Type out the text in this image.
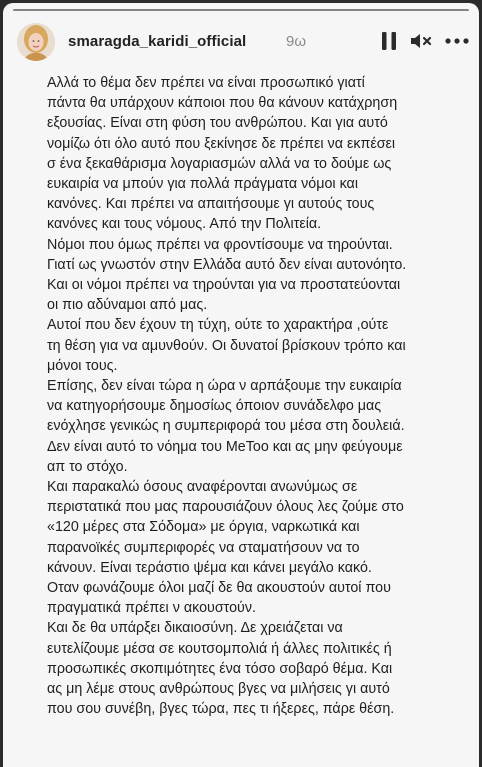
smaragda_karidi_official	9ω

Αλλά το θέμα δεν πρέπει να είναι προσωπικό γιατί
πάντα θα υπάρχουν κάποιοι που θα κάνουν κατάχρηση
εξουσίας. Είναι στη φύση του ανθρώπου. Και για αυτό
νομίζω ότι όλο αυτό που ξεκίνησε δε πρέπει να εκπέσει
σ ένα ξεκαθάρισμα λογαριασμών αλλά να το δούμε ως
ευκαιρία να μπούν για πολλά πράγματα νόμοι και
κανόνες. Και πρέπει να απαιτήσουμε γι αυτούς τους
κανόνες και τους νόμους. Από την Πολιτεία.

Νόμοι που όμως πρέπει να φροντίσουμε να τηρούνται.
Γιατί ως γνωστόν στην Ελλάδα αυτό δεν είναι αυτονόητο.
Και οι νόμοι πρέπει να τηρούνται για να προστατεύονται
οι πιο αδύναμοι από μας.

Αυτοί που δεν έχουν τη τύχη, ούτε το χαρακτήρα ,ούτε
τη θέση για να αμυνθούν. Οι δυνατοί βρίσκουν τρόπο και
μόνοι τους.

Επίσης, δεν είναι τώρα η ώρα ν αρπάξουμε την ευκαιρία
να κατηγορήσουμε δημοσίως όποιον συνάδελφο μας
ενόχλησε γενικώς η συμπεριφορά του μέσα στη δουλειά.
Δεν είναι αυτό το νόημα του MeToo και ας μην φεύγουμε
απ το στόχο.

Και παρακαλώ όσους αναφέρονται ανωνύμως σε
περιστατικά που μας παρουσιάζουν όλους λες ζούμε στο
«120 μέρες στα Σόδομα» με όργια, ναρκωτικά και
παρανοϊκές συμπεριφορές να σταματήσουν να το
κάνουν. Είναι τεράστιο ψέμα και κάνει μεγάλο κακό.
Οταν φωνάζουμε όλοι μαζί δε θα ακουστούν αυτοί που
πραγματικά πρέπει ν ακουστούν.

Και δε θα υπάρξει δικαιοσύνη. Δε χρειάζεται να
ευτελίζουμε μέσα σε κουτσομπολιά ή άλλες πολιτικές ή
προσωπικές σκοπιμότητες ένα τόσο σοβαρό θέμα. Και
ας μη λέμε στους ανθρώπους βγες να μιλήσεις γι αυτό
που σου συνέβη, βγες τώρα, πες τι ήξερες, πάρε θέση.
